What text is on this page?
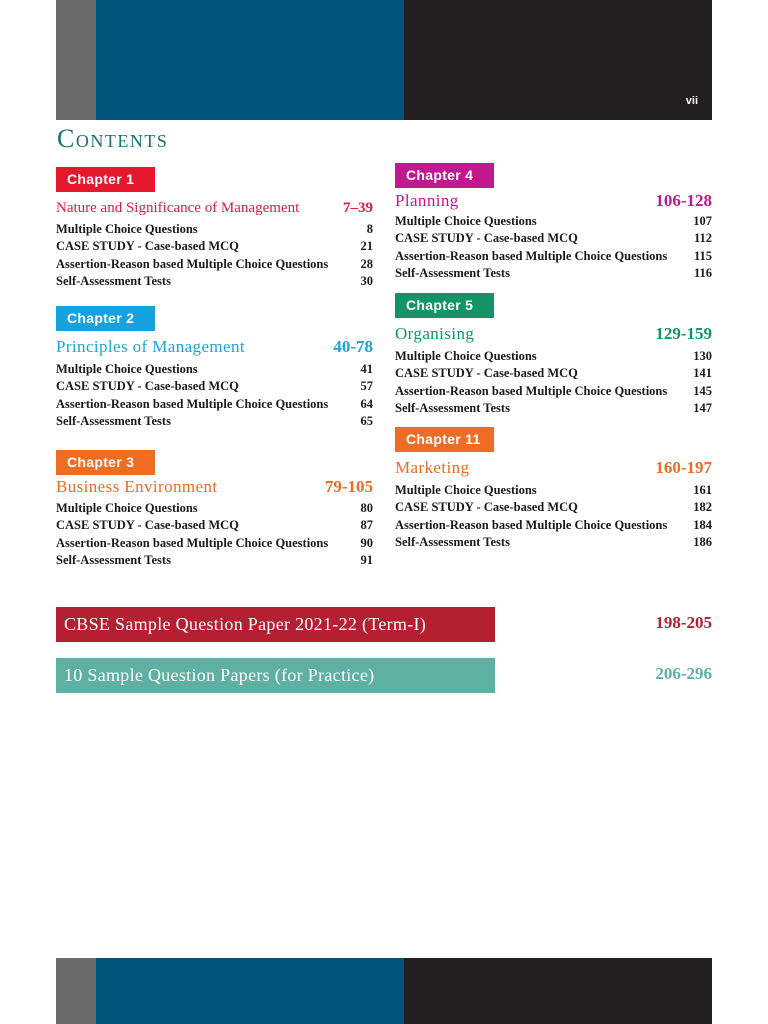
vii
Contents
Chapter 1
Nature and Significance of Management	7–39
Multiple Choice Questions	8
CASE STUDY - Case-based MCQ	21
Assertion-Reason based Multiple Choice Questions	28
Self-Assessment Tests	30
Chapter 2
Principles of Management	40-78
Multiple Choice Questions	41
CASE STUDY - Case-based MCQ	57
Assertion-Reason based Multiple Choice Questions	64
Self-Assessment Tests	65
Chapter 3
Business Environment	79-105
Multiple Choice Questions	80
CASE STUDY - Case-based MCQ	87
Assertion-Reason based Multiple Choice Questions	90
Self-Assessment Tests	91
Chapter 4
Planning	106-128
Multiple Choice Questions	107
CASE STUDY - Case-based MCQ	112
Assertion-Reason based Multiple Choice Questions 115
Self-Assessment Tests	116
Chapter 5
Organising	129-159
Multiple Choice Questions	130
CASE STUDY - Case-based MCQ	141
Assertion-Reason based Multiple Choice Questions 145
Self-Assessment Tests	147
Chapter 11
Marketing	160-197
Multiple Choice Questions	161
CASE STUDY - Case-based MCQ	182
Assertion-Reason based Multiple Choice Questions 184
Self-Assessment Tests	186
CBSE Sample Question Paper 2021-22 (Term-I)	198-205
10 Sample Question Papers (for Practice)	206-296
